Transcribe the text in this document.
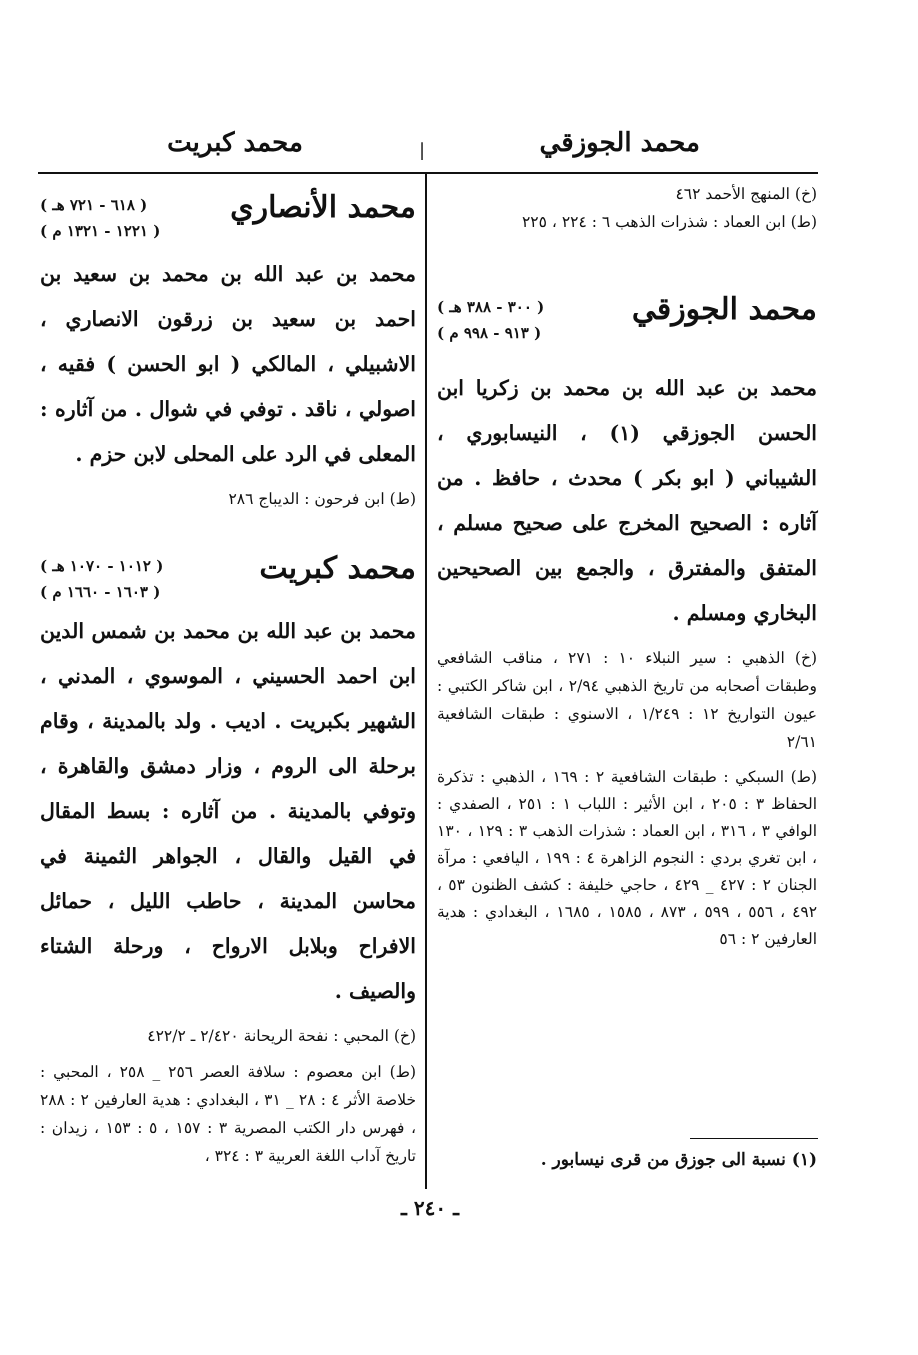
محمد الجوزقي
|
محمد كبريت

(خ) المنهج الأحمد ٤٦٢

(ط) ابن العماد : شذرات الذهب ٦ : ٢٢٤ ، ٢٢٥

محمد الجوزقي
( ٣٠٠ - ٣٨٨ هـ )
( ٩١٣ - ٩٩٨ م )

محمد بن عبد الله بن محمد بن زكريا ابن الحسن الجوزقي (١) ، النيسابوري ، الشيباني ( ابو بكر ) محدث ، حافظ . من آثاره : الصحيح المخرج على صحيح مسلم ، المتفق والمفترق ، والجمع بين الصحيحين البخاري ومسلم .

(خ) الذهبي : سير النبلاء ١٠ : ٢٧١ ، مناقب الشافعي وطبقات أصحابه من تاريخ الذهبي ٢/٩٤ ، ابن شاكر الكتبي : عيون التواريخ ١٢ : ١/٢٤٩ ، الاسنوي : طبقات الشافعية ٢/٦١

(ط) السبكي : طبقات الشافعية ٢ : ١٦٩ ، الذهبي : تذكرة الحفاظ ٣ : ٢٠٥ ، ابن الأثير : اللباب ١ : ٢٥١ ، الصفدي : الوافي ٣ ، ٣١٦ ، ابن العماد : شذرات الذهب ٣ : ١٢٩ ، ١٣٠ ، ابن تغري بردي : النجوم الزاهرة ٤ : ١٩٩ ، اليافعي : مرآة الجنان ٢ : ٤٢٧ _ ٤٢٩ ، حاجي خليفة : كشف الظنون ٥٣ ، ٤٩٢ ، ٥٥٦ ، ٥٩٩ ، ٨٧٣ ، ١٥٨٥ ، ١٦٨٥ ، البغدادي : هدية العارفين ٢ : ٥٦

(١) نسبة الى جوزق من قرى نيسابور .
محمد الأنصاري
( ٦١٨ - ٧٢١ هـ )
( ١٢٢١ - ١٣٢١ م )

محمد بن عبد الله بن محمد بن سعيد بن احمد بن سعيد بن زرقون الانصاري ، الاشبيلي ، المالكي ( ابو الحسن ) فقيه ، اصولي ، ناقد . توفي في شوال . من آثاره : المعلى في الرد على المحلى لابن حزم .

(ط) ابن فرحون : الديباج ٢٨٦

محمد كبريت
( ١٠١٢ - ١٠٧٠ هـ )
( ١٦٠٣ - ١٦٦٠ م )

محمد بن عبد الله بن محمد بن شمس الدين ابن احمد الحسيني ، الموسوي ، المدني ، الشهير بكبريت . اديب . ولد بالمدينة ، وقام برحلة الى الروم ، وزار دمشق والقاهرة ، وتوفي بالمدينة . من آثاره : بسط المقال في القيل والقال ، الجواهر الثمينة في محاسن المدينة ، حاطب الليل ، حمائل الافراح وبلابل الارواح ، ورحلة الشتاء والصيف .

(خ) المحبي : نفحة الريحانة ٢/٤٢٠ ـ ٤٢٢/٢

(ط) ابن معصوم : سلافة العصر ٢٥٦ _ ٢٥٨ ، المحبي : خلاصة الأثر ٤ : ٢٨ _ ٣١ ، البغدادي : هدية العارفين ٢ : ٢٨٨ ، فهرس دار الكتب المصرية ٣ : ١٥٧ ، ٥ : ١٥٣ ، زيدان : تاريخ آداب اللغة العربية ٣ : ٣٢٤ ،

ـ ٢٤٠ ـ
